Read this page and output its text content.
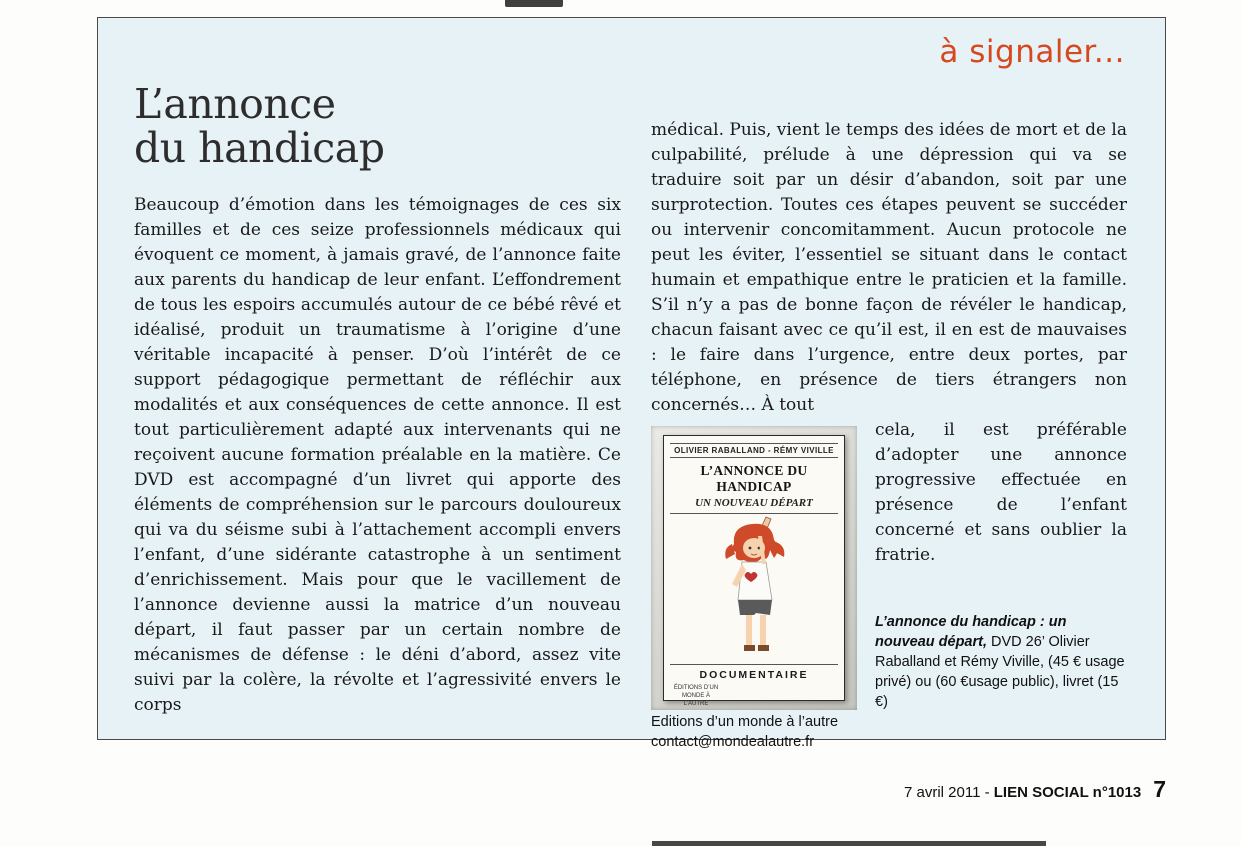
à signaler...
L’annonce
du handicap

Beaucoup d’émotion dans les témoignages de ces six familles et de ces seize professionnels médicaux qui évoquent ce moment, à jamais gravé, de l’annonce faite aux parents du handicap de leur enfant. L’effondrement de tous les espoirs accumulés autour de ce bébé rêvé et idéalisé, produit un traumatisme à l’origine d’une véritable incapacité à penser. D’où l’intérêt de ce support pédagogique permettant de réfléchir aux modalités et aux conséquences de cette annonce. Il est tout particulièrement adapté aux intervenants qui ne reçoivent aucune formation préalable en la matière. Ce DVD est accompagné d’un livret qui apporte des éléments de compréhension sur le parcours douloureux qui va du séisme subi à l’attachement accompli envers l’enfant, d’une sidérante catastrophe à un sentiment d’enrichissement. Mais pour que le vacillement de l’annonce devienne aussi la matrice d’un nouveau départ, il faut passer par un certain nombre de mécanismes de défense : le déni d’abord, assez vite suivi par la colère, la révolte et l’agressivité envers le corps

médical. Puis, vient le temps des idées de mort et de la culpabilité, prélude à une dépression qui va se traduire soit par un désir d’abandon, soit par une surprotection. Toutes ces étapes peuvent se succéder ou intervenir concomitamment. Aucun protocole ne peut les éviter, l’essentiel se situant dans le contact humain et empathique entre le praticien et la famille. S’il n’y a pas de bonne façon de révéler le handicap, chacun faisant avec ce qu’il est, il en est de mauvaises : le faire dans l’urgence, entre deux portes, par téléphone, en présence de tiers étrangers non concernés… À tout

OLIVIER RABALLAND - RÉMY VIVILLE
L’ANNONCE DU HANDICAP
UN NOUVEAU DÉPART
DOCUMENTAIRE
ÉDITIONS D’UN MONDE À L’AUTRE

cela, il est préférable d’adopter une annonce progressive effectuée en présence de l’enfant concerné et sans oublier la fratrie.

L’annonce du handicap : un nouveau départ, DVD 26’ Olivier Raballand et Rémy Viville, (45 € usage privé) ou (60 €usage public), livret (15 €)
Editions d’un monde à l’autre
contact@mondealautre.fr
7 avril 2011 - LIEN SOCIAL n°1013 7
